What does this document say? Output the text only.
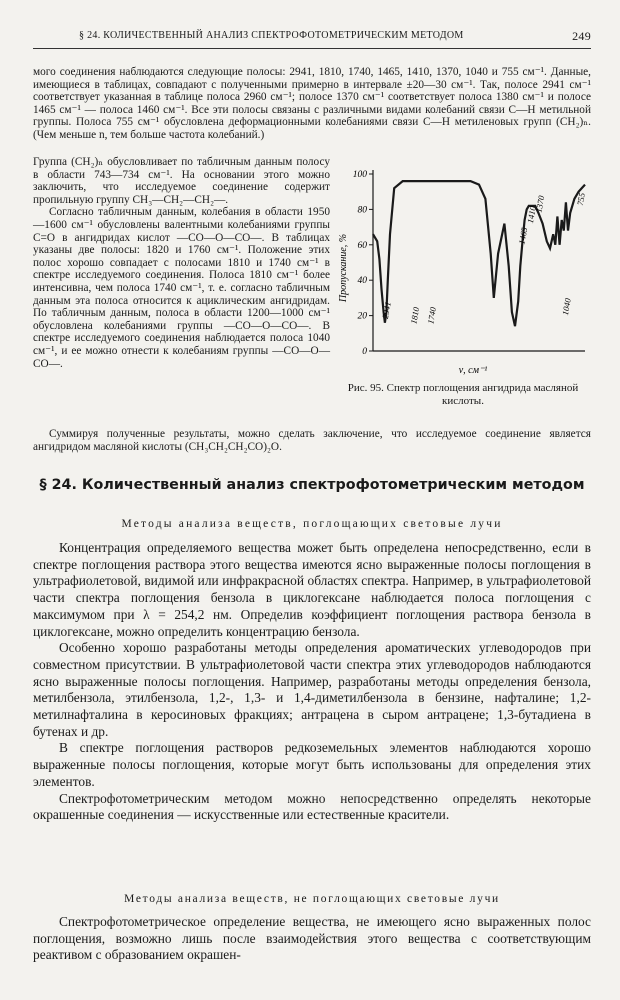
§ 24. КОЛИЧЕСТВЕННЫЙ АНАЛИЗ СПЕКТРОФОТОМЕТРИЧЕСКИМ МЕТОДОМ	249

мого соединения наблюдаются следующие полосы: 2941, 1810, 1740, 1465, 1410, 1370, 1040 и 755 см⁻¹. Данные, имеющиеся в таблицах, совпадают с полученными примерно в интервале ±20—30 см⁻¹. Так, полосе 2941 см⁻¹ соответствует указанная в таблице полоса 2960 см⁻¹; полосе 1370 см⁻¹ соответствует полоса 1380 см⁻¹ и полосе 1465 см⁻¹ — полоса 1460 см⁻¹. Все эти полосы связаны с различными видами колебаний связи С—Н метильной группы. Полоса 755 см⁻¹ обусловлена деформационными колебаниями связи С—Н метиленовых групп (СН₂)ₙ. (Чем меньше n, тем больше частота колебаний.)

Группа (СН₂)ₙ обусловливает по табличным данным полосу в области 743—734 см⁻¹. На основании этого можно заключить, что исследуемое соединение содержит пропильную группу СН₃—СН₂—СН₂—.

Согласно табличным данным, колебания в области 1950—1600 см⁻¹ обусловлены валентными колебаниями группы С=О в ангидридах кислот —СО—О—СО—. В таблицах указаны две полосы: 1820 и 1760 см⁻¹. Положение этих полос хорошо совпадает с полосами 1810 и 1740 см⁻¹ в спектре исследуемого соединения. Полоса 1810 см⁻¹ более интенсивна, чем полоса 1740 см⁻¹, т. е. согласно табличным данным эта полоса относится к ациклическим ангидридам. По табличным данным, полоса в области 1200—1000 см⁻¹ обусловлена колебаниями группы —СО—О—СО—. В спектре исследуемого соединения наблюдается полоса 1040 см⁻¹, и ее можно отнести к колебаниям группы —СО—О—СО—.

0
20
40
60
80
100
2941 1810 1740
1465
1410
1370
1040
755
Пропускание, %
ν, см⁻¹
Рис. 95. Спектр поглощения ангидрида масляной кислоты.

Суммируя полученные результаты, можно сделать заключение, что исследуемое соединение является ангидридом масляной кислоты (СН₃СН₂СН₂СО)₂О.

§ 24. Количественный анализ спектрофотометрическим методом

Методы анализа веществ, поглощающих световые лучи

Концентрация определяемого вещества может быть определена непосредственно, если в спектре поглощения раствора этого вещества имеются ясно выраженные полосы поглощения в ультрафиолетовой, видимой или инфракрасной областях спектра. Например, в ультрафиолетовой части спектра поглощения бензола в циклогексане наблюдается полоса поглощения с максимумом при λ = 254,2 нм. Определив коэффициент поглощения раствора бензола в циклогексане, можно определить концентрацию бензола.

Особенно хорошо разработаны методы определения ароматических углеводородов при совместном присутствии. В ультрафиолетовой части спектра этих углеводородов наблюдаются ясно выраженные полосы поглощения. Например, разработаны методы определения бензола, метилбензола, этилбензола, 1,2-, 1,3- и 1,4-диметилбензола в бензине, нафталине; 1,2-метилнафталина в керосиновых фракциях; антрацена в сыром антрацене; 1,3-бутадиена в бутенах и др.

В спектре поглощения растворов редкоземельных элементов наблюдаются хорошо выраженные полосы поглощения, которые могут быть использованы для определения этих элементов.

Спектрофотометрическим методом можно непосредственно определять некоторые окрашенные соединения — искусственные или естественные красители.

Методы анализа веществ, не поглощающих световые лучи

Спектрофотометрическое определение вещества, не имеющего ясно выраженных полос поглощения, возможно лишь после взаимодействия этого вещества с соответствующим реактивом с образованием окрашен-
